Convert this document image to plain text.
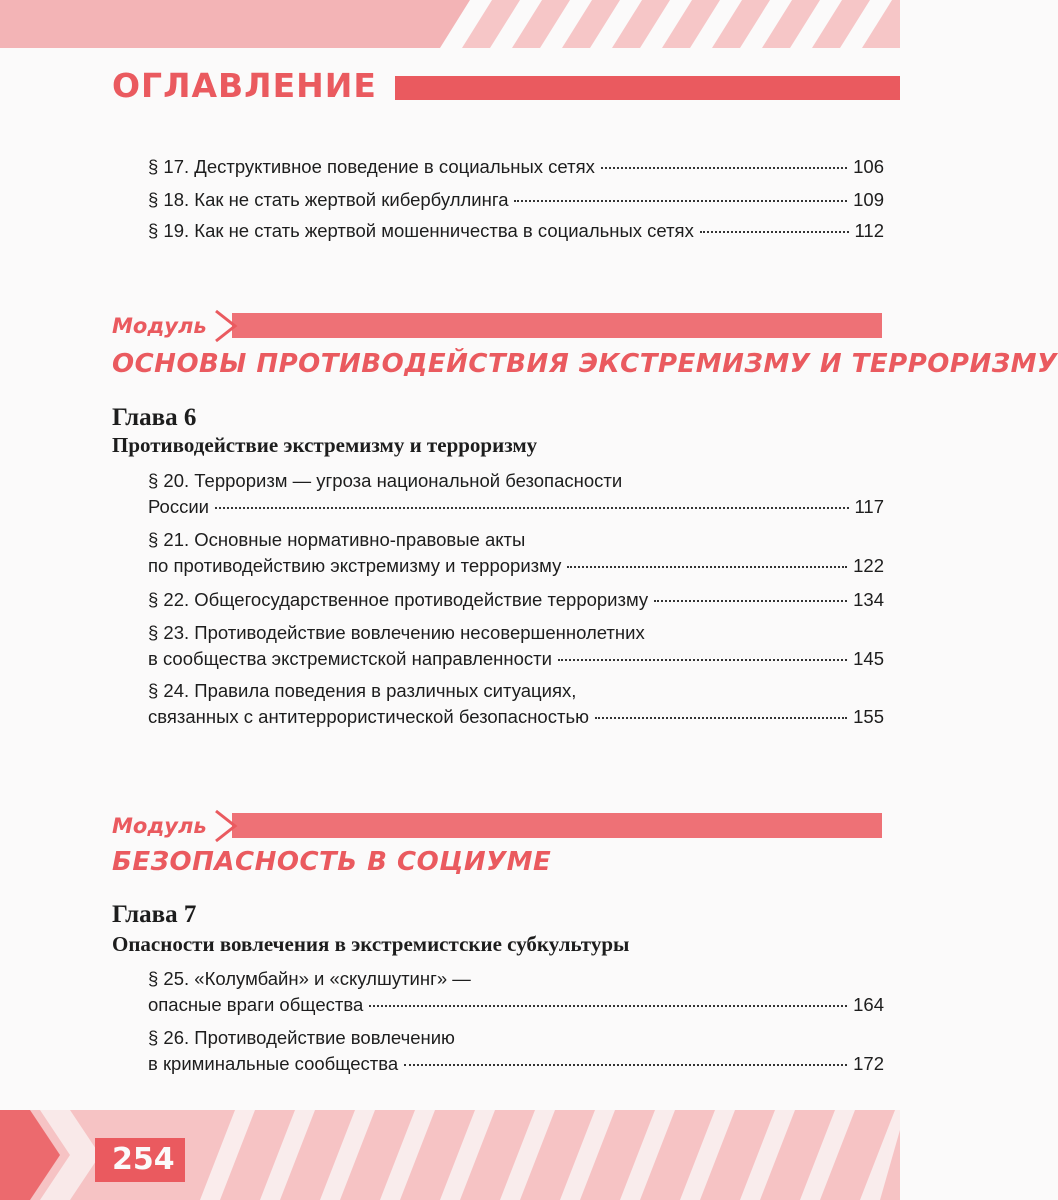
ОГЛАВЛЕНИЕ
§ 17. Деструктивное поведение в социальных сетях	106
§ 18. Как не стать жертвой кибербуллинга	109
§ 19. Как не стать жертвой мошенничества в социальных сетях	112
Модуль
ОСНОВЫ ПРОТИВОДЕЙСТВИЯ ЭКСТРЕМИЗМУ И ТЕРРОРИЗМУ
Глава 6
Противодействие экстремизму и терроризму
§ 20. Терроризм — угроза национальной безопасности
России	117
§ 21. Основные нормативно-правовые акты
по противодействию экстремизму и терроризму	122
§ 22. Общегосударственное противодействие терроризму	134
§ 23. Противодействие вовлечению несовершеннолетних
в сообщества экстремистской направленности	145
§ 24. Правила поведения в различных ситуациях,
связанных с антитеррористической безопасностью	155
Модуль
БЕЗОПАСНОСТЬ В СОЦИУМЕ
Глава 7
Опасности вовлечения в экстремистские субкультуры
§ 25. «Колумбайн» и «скулшутинг» —
опасные враги общества	164
§ 26. Противодействие вовлечению
в криминальные сообщества	172
254
